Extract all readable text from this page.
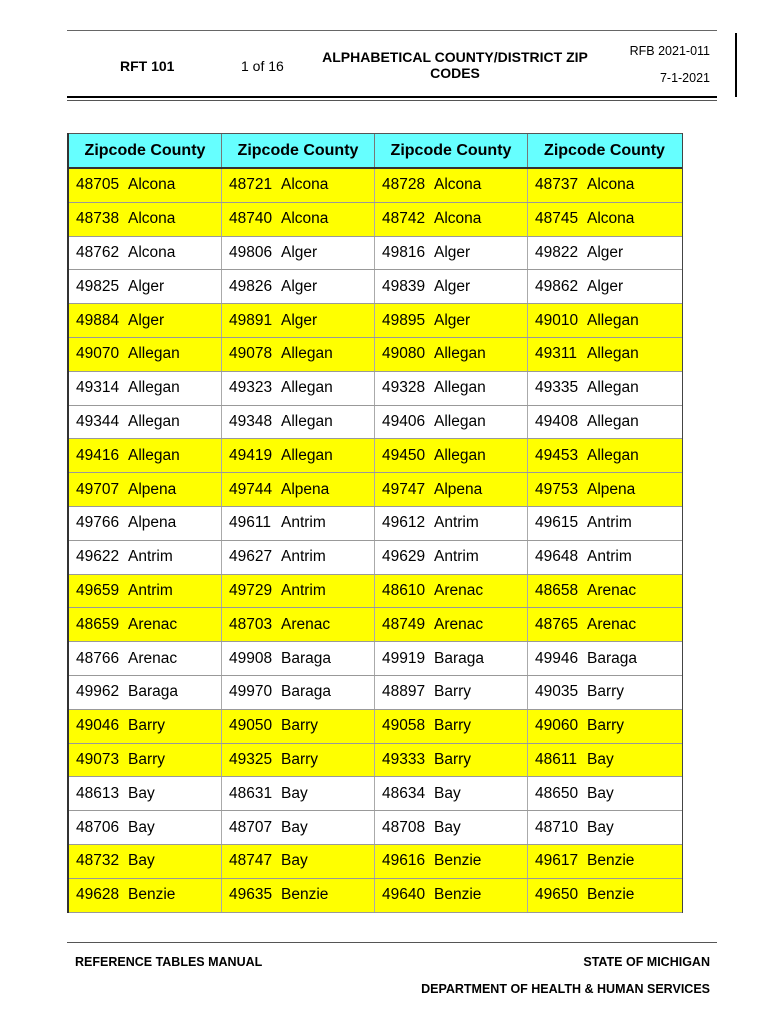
RFT 101	1 of 16
ALPHABETICAL COUNTY/DISTRICT ZIP
CODES
RFB 2021-011
7-1-2021
Zipcode County	Zipcode County	Zipcode County	Zipcode County
48705 Alcona	48721 Alcona	48728 Alcona	48737 Alcona
48738 Alcona	48740 Alcona	48742 Alcona	48745 Alcona
48762 Alcona	49806 Alger	49816 Alger	49822 Alger
49825 Alger	49826 Alger	49839 Alger	49862 Alger
49884 Alger	49891 Alger	49895 Alger	49010 Allegan
49070 Allegan	49078 Allegan	49080 Allegan	49311 Allegan
49314 Allegan	49323 Allegan	49328 Allegan	49335 Allegan
49344 Allegan	49348 Allegan	49406 Allegan	49408 Allegan
49416 Allegan	49419 Allegan	49450 Allegan	49453 Allegan
49707 Alpena	49744 Alpena	49747 Alpena	49753 Alpena
49766 Alpena	49611 Antrim	49612 Antrim	49615 Antrim
49622 Antrim	49627 Antrim	49629 Antrim	49648 Antrim
49659 Antrim	49729 Antrim	48610 Arenac	48658 Arenac
48659 Arenac	48703 Arenac	48749 Arenac	48765 Arenac
48766 Arenac	49908 Baraga	49919 Baraga	49946 Baraga
49962 Baraga	49970 Baraga	48897 Barry	49035 Barry
49046 Barry	49050 Barry	49058 Barry	49060 Barry
49073 Barry	49325 Barry	49333 Barry	48611 Bay
48613 Bay	48631 Bay	48634 Bay	48650 Bay
48706 Bay	48707 Bay	48708 Bay	48710 Bay
48732 Bay	48747 Bay	49616 Benzie	49617 Benzie
49628 Benzie	49635 Benzie	49640 Benzie	49650 Benzie
REFERENCE TABLES MANUAL	STATE OF MICHIGAN
DEPARTMENT OF HEALTH & HUMAN SERVICES
